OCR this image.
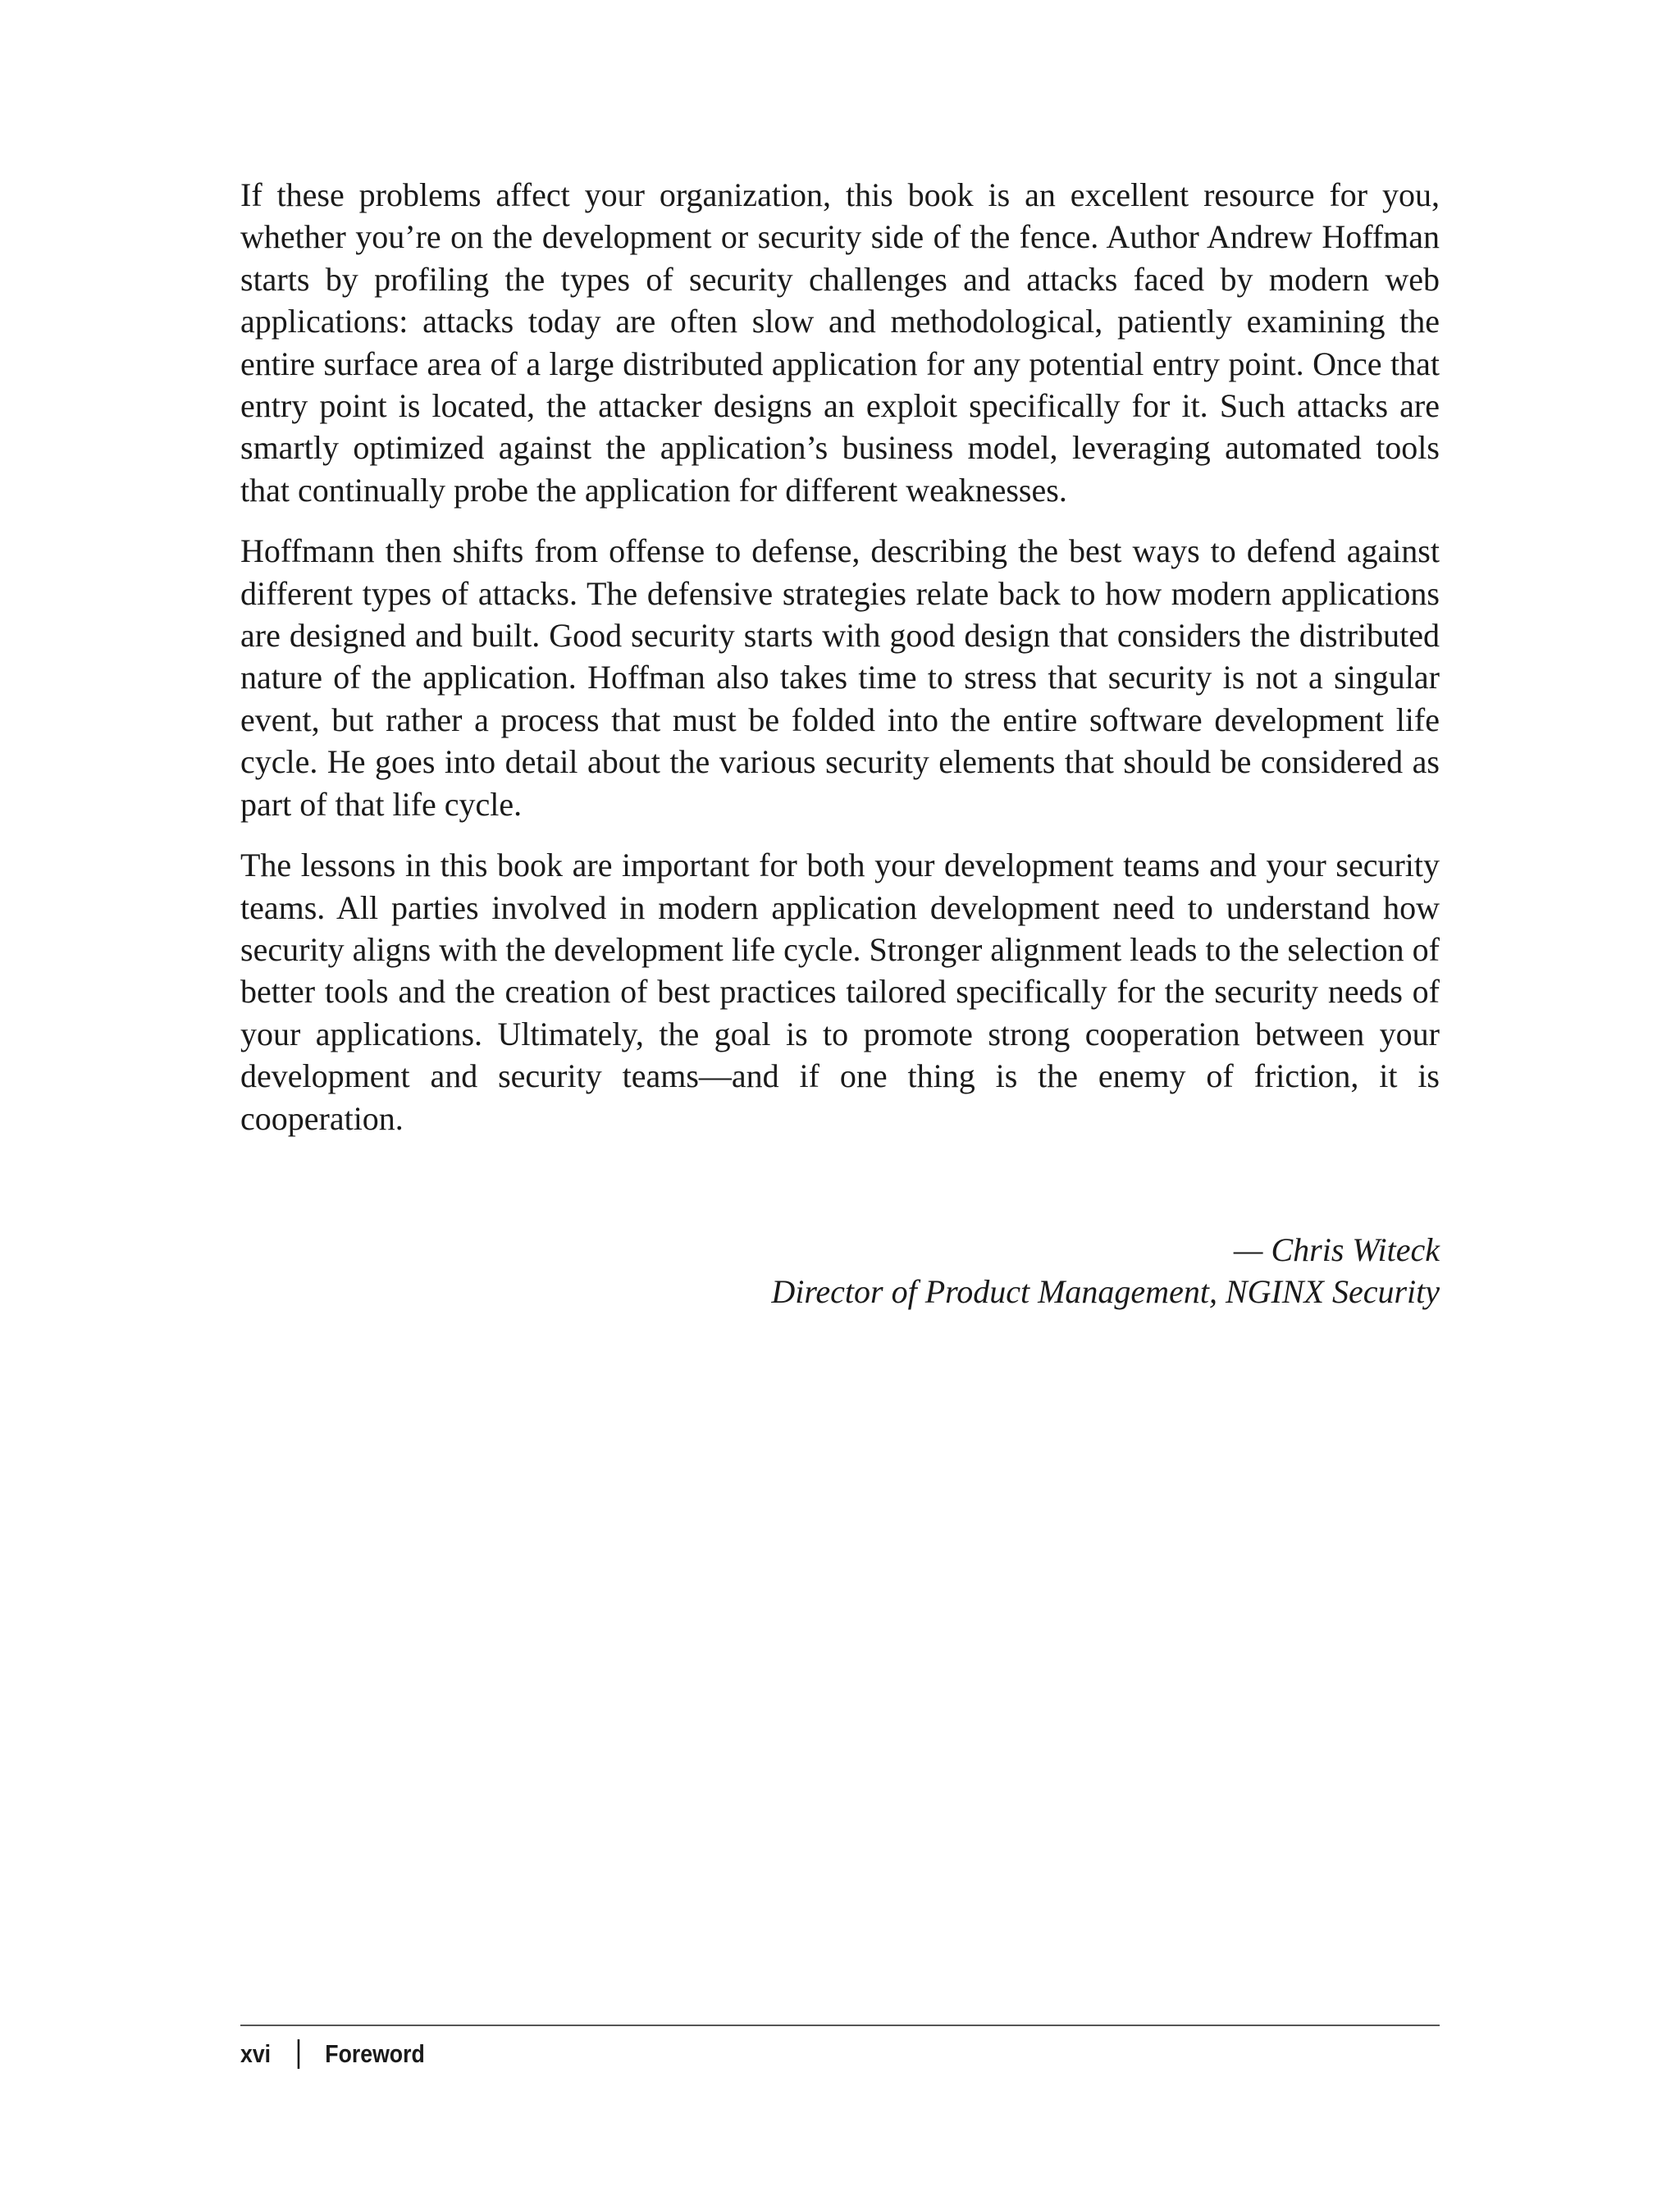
If these problems affect your organization, this book is an excellent resource for you, whether you’re on the development or security side of the fence. Author Andrew Hoffman starts by profiling the types of security challenges and attacks faced by modern web applications: attacks today are often slow and methodological, patiently examining the entire surface area of a large distributed application for any potential entry point. Once that entry point is located, the attacker designs an exploit specifically for it. Such attacks are smartly optimized against the application’s business model, leveraging automated tools that continually probe the application for different weaknesses.

Hoffmann then shifts from offense to defense, describing the best ways to defend against different types of attacks. The defensive strategies relate back to how modern applications are designed and built. Good security starts with good design that considers the distributed nature of the application. Hoffman also takes time to stress that security is not a singular event, but rather a process that must be folded into the entire software development life cycle. He goes into detail about the various security elements that should be considered as part of that life cycle.

The lessons in this book are important for both your development teams and your security teams. All parties involved in modern application development need to understand how security aligns with the development life cycle. Stronger alignment leads to the selection of better tools and the creation of best practices tailored specifically for the security needs of your applications. Ultimately, the goal is to promote strong cooperation between your development and security teams—and if one thing is the enemy of friction, it is cooperation.

— Chris Witeck
Director of Product Management, NGINX Security
xvi Foreword
